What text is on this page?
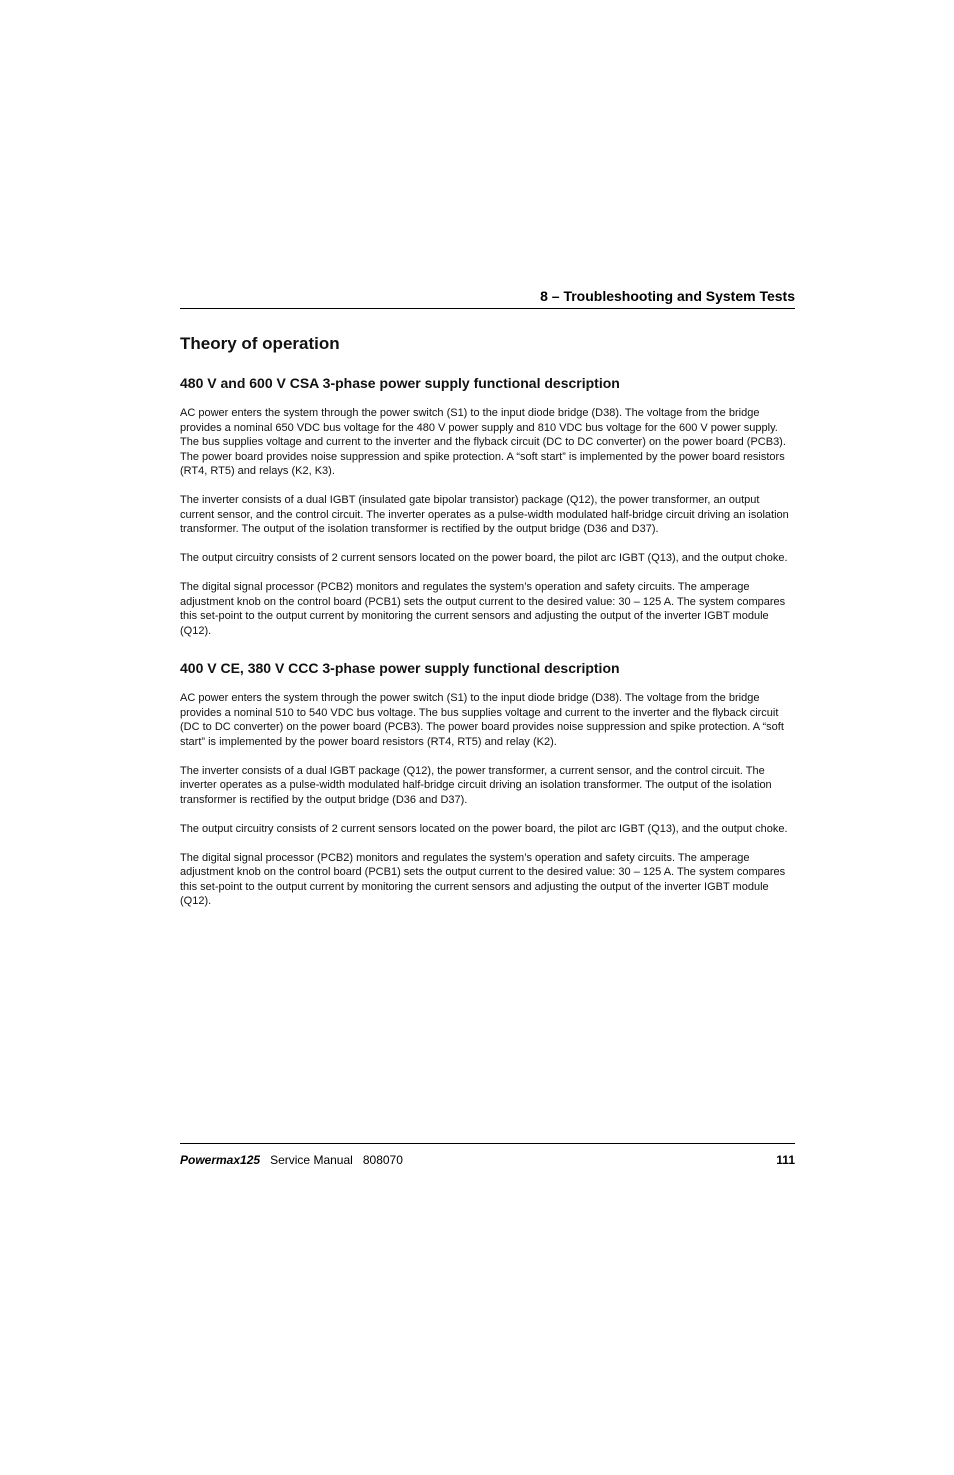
8 – Troubleshooting and System Tests
Theory of operation
480 V and 600 V CSA 3-phase power supply functional description

AC power enters the system through the power switch (S1) to the input diode bridge (D38). The voltage from the bridge provides a nominal 650 VDC bus voltage for the 480 V power supply and 810 VDC bus voltage for the 600 V power supply. The bus supplies voltage and current to the inverter and the flyback circuit (DC to DC converter) on the power board (PCB3). The power board provides noise suppression and spike protection. A “soft start” is implemented by the power board resistors (RT4, RT5) and relays (K2, K3).

The inverter consists of a dual IGBT (insulated gate bipolar transistor) package (Q12), the power transformer, an output current sensor, and the control circuit. The inverter operates as a pulse-width modulated half-bridge circuit driving an isolation transformer. The output of the isolation transformer is rectified by the output bridge (D36 and D37).

The output circuitry consists of 2 current sensors located on the power board, the pilot arc IGBT (Q13), and the output choke.

The digital signal processor (PCB2) monitors and regulates the system’s operation and safety circuits. The amperage adjustment knob on the control board (PCB1) sets the output current to the desired value: 30 – 125 A. The system compares this set-point to the output current by monitoring the current sensors and adjusting the output of the inverter IGBT module (Q12).

400 V CE, 380 V CCC 3-phase power supply functional description

AC power enters the system through the power switch (S1) to the input diode bridge (D38). The voltage from the bridge provides a nominal 510 to 540 VDC bus voltage. The bus supplies voltage and current to the inverter and the flyback circuit (DC to DC converter) on the power board (PCB3). The power board provides noise suppression and spike protection. A “soft start” is implemented by the power board resistors (RT4, RT5) and relay (K2).

The inverter consists of a dual IGBT package (Q12), the power transformer, a current sensor, and the control circuit. The inverter operates as a pulse-width modulated half-bridge circuit driving an isolation transformer. The output of the isolation transformer is rectified by the output bridge (D36 and D37).

The output circuitry consists of 2 current sensors located on the power board, the pilot arc IGBT (Q13), and the output choke.

The digital signal processor (PCB2) monitors and regulates the system’s operation and safety circuits. The amperage adjustment knob on the control board (PCB1) sets the output current to the desired value: 30 – 125 A. The system compares this set-point to the output current by monitoring the current sensors and adjusting the output of the inverter IGBT module (Q12).

Powermax125 Service Manual 808070	111
